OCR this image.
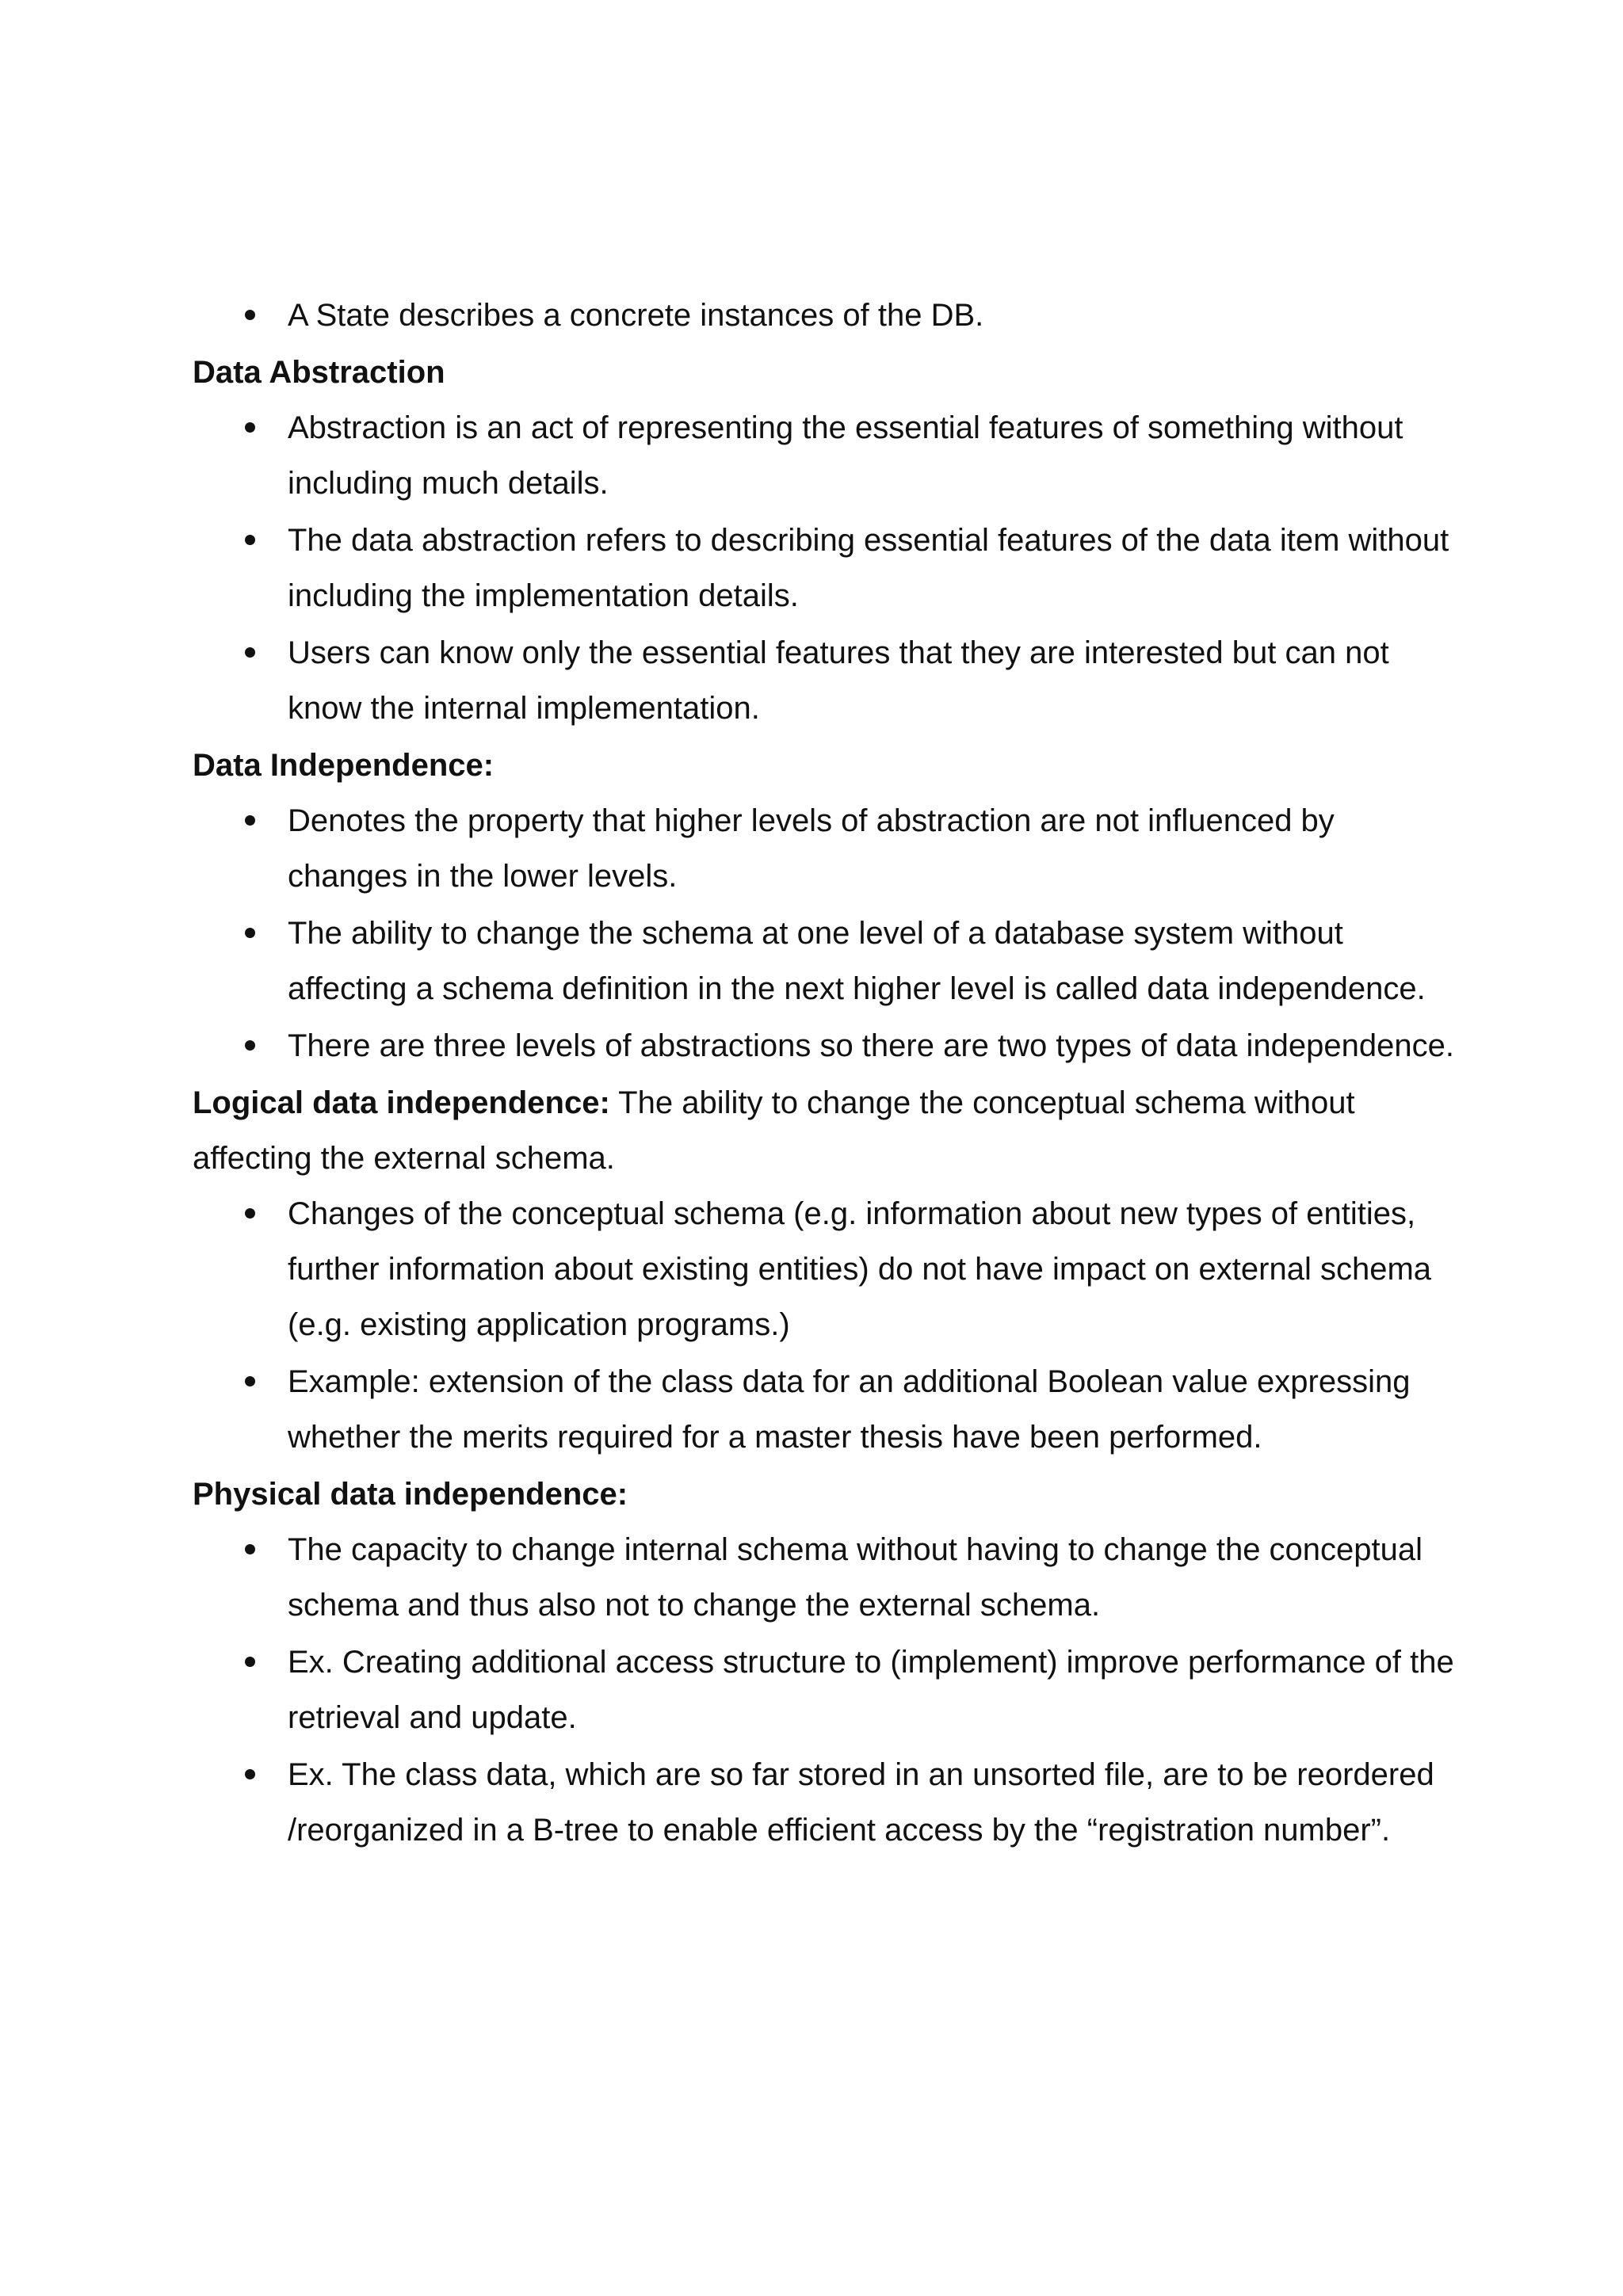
A State describes a concrete instances of the DB.
Data Abstraction
Abstraction is an act of representing the essential features of something without including much details.
The data abstraction refers to describing essential features of the data item without including the implementation details.
Users can know only the essential features that they are interested but can not know the internal implementation.
Data Independence:
Denotes the property that higher levels of abstraction are not influenced by changes in the lower levels.
The ability to change the schema at one level of a database system without affecting a schema definition in the next higher level is called data independence.
There are three levels of abstractions so there are two types of data independence.
Logical data independence: The ability to change the conceptual schema without affecting the external schema.
Changes of the conceptual schema (e.g. information about new types of entities, further information about existing entities) do not have impact on external schema (e.g. existing application programs.)
Example: extension of the class data for an additional Boolean value expressing whether the merits required for a master thesis have been performed.
Physical data independence:
The capacity to change internal schema without having to change the conceptual schema and thus also not to change the external schema.
Ex. Creating additional access structure to (implement) improve performance of the retrieval and update.
Ex. The class data, which are so far stored in an unsorted file, are to be reordered /reorganized in a B-tree to enable efficient access by the “registration number”.
